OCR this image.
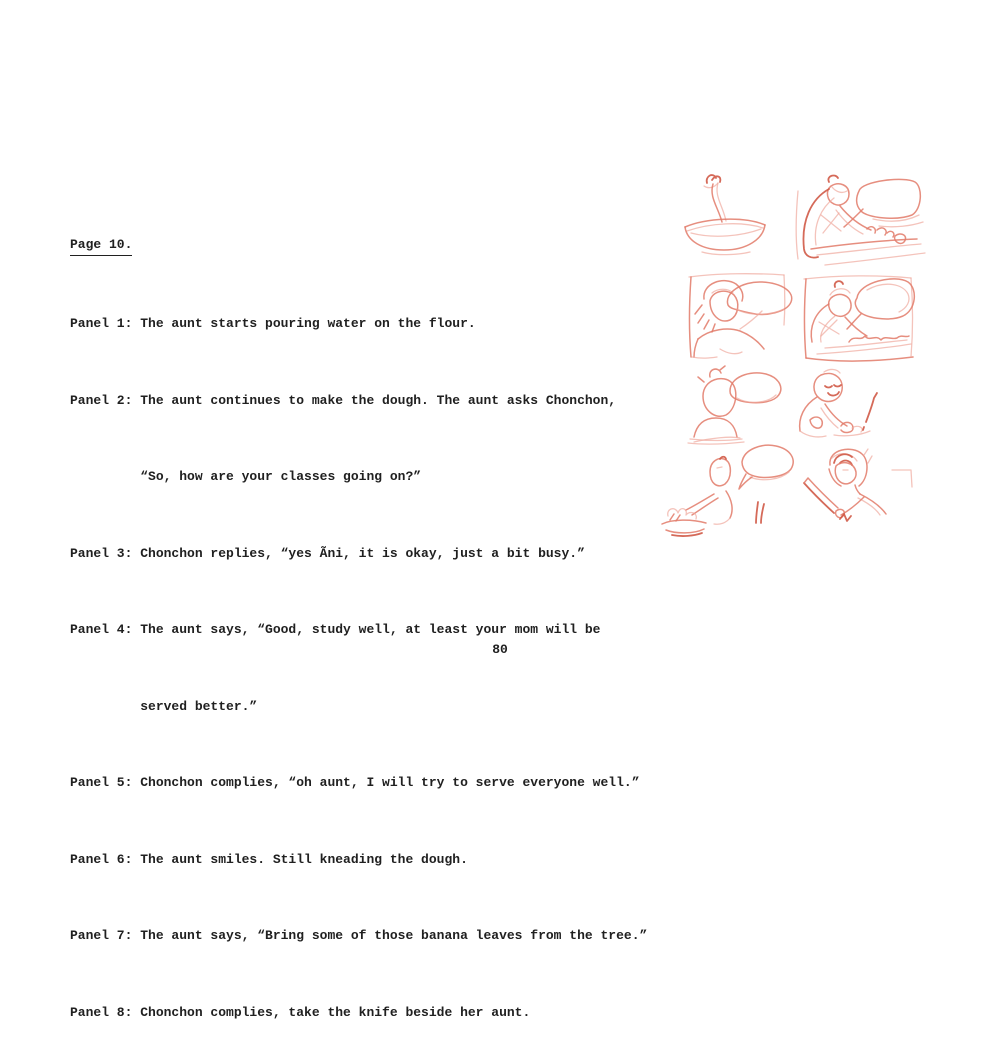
Page 10.

Panel 1: The aunt starts pouring water on the flour.

Panel 2: The aunt continues to make the dough. The aunt asks Chonchon,

“So, how are your classes going on?”

Panel 3: Chonchon replies, “yes Ãni, it is okay, just a bit busy.”

Panel 4: The aunt says, “Good, study well, at least your mom will be

served better.”

Panel 5: Chonchon complies, “oh aunt, I will try to serve everyone well.”

Panel 6: The aunt smiles. Still kneading the dough.

Panel 7: The aunt says, “Bring some of those banana leaves from the tree.”

Panel 8: Chonchon complies, take the knife beside her aunt.

80
